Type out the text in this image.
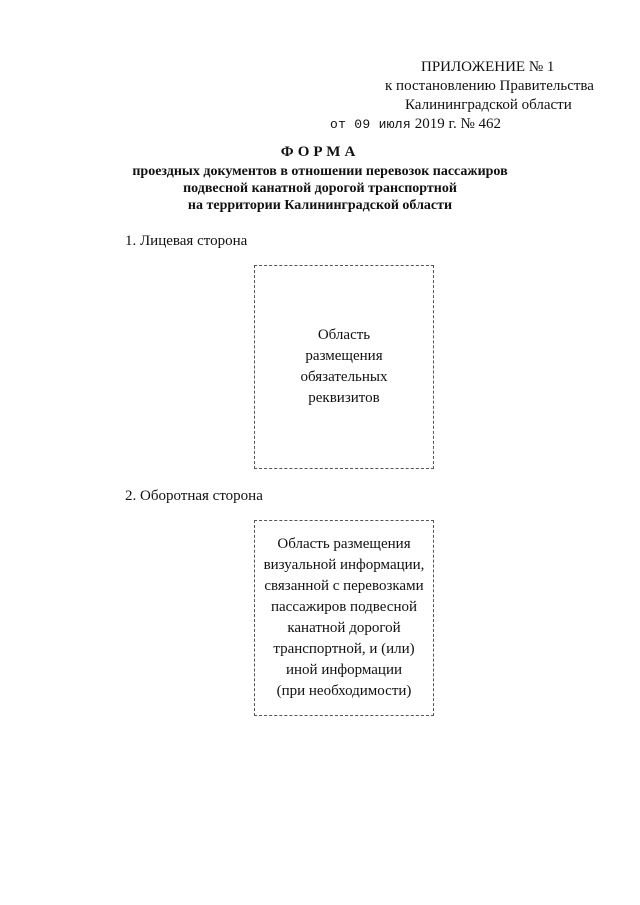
ПРИЛОЖЕНИЕ № 1
к постановлению Правительства
Калининградской области
от 09 июля 2019 г. № 462
ФОРМА
проездных документов в отношении перевозок пассажиров
подвесной канатной дорогой транспортной
на территории Калининградской области
1. Лицевая сторона
Область
размещения
обязательных
реквизитов
2. Оборотная сторона
Область размещения
визуальной информации,
связанной с перевозками
пассажиров подвесной
канатной дорогой
транспортной, и (или)
иной информации
(при необходимости)
